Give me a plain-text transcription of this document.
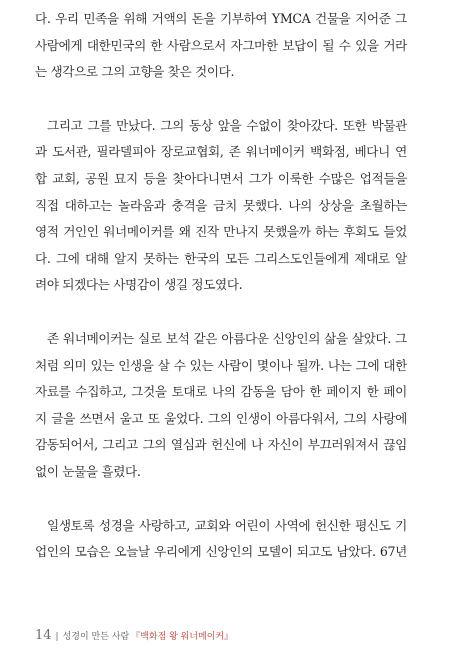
다. 우리 민족을 위해 거액의 돈을 기부하여 YMCA 건물을 지어준 그
사람에게 대한민국의 한 사람으로서 자그마한 보답이 될 수 있을 거라
는 생각으로 그의 고향을 찾은 것이다.
그리고 그를 만났다. 그의 동상 앞을 수없이 찾아갔다. 또한 박물관
과 도서관, 필라델피아 장로교협회, 존 워너메이커 백화점, 베다니 연
합 교회, 공원 묘지 등을 찾아다니면서 그가 이룩한 수많은 업적들을
직접 대하고는 놀라움과 충격을 금치 못했다. 나의 상상을 초월하는
영적 거인인 워너메이커를 왜 진작 만나지 못했을까 하는 후회도 들었
다. 그에 대해 알지 못하는 한국의 모든 그리스도인들에게 제대로 알
려야 되겠다는 사명감이 생길 정도였다.
존 워너메이커는 실로 보석 같은 아름다운 신앙인의 삶을 살았다. 그
처럼 의미 있는 인생을 살 수 있는 사람이 몇이나 될까. 나는 그에 대한
자료를 수집하고, 그것을 토대로 나의 감동을 담아 한 페이지 한 페이
지 글을 쓰면서 울고 또 울었다. 그의 인생이 아름다워서, 그의 사랑에
감동되어서, 그리고 그의 열심과 헌신에 나 자신이 부끄러워져서 끊임
없이 눈물을 흘렸다.
일생토록 성경을 사랑하고, 교회와 어린이 사역에 헌신한 평신도 기
업인의 모습은 오늘날 우리에게 신앙인의 모델이 되고도 남았다. 67년
14 | 성경이 만든 사람 『백화점 왕 워너메이커』
